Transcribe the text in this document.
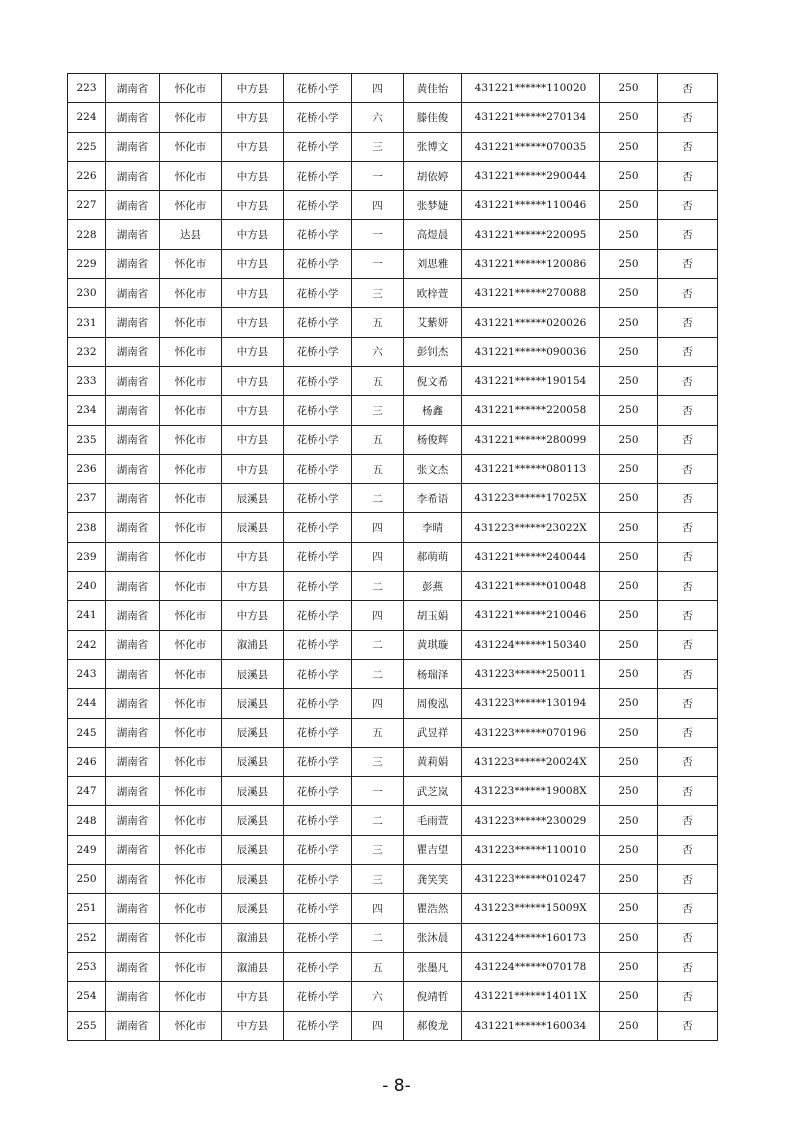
223	湖南省	怀化市	中方县	花桥小学	四	黄佳怡	431221******110020	250	否
224	湖南省	怀化市	中方县	花桥小学	六	滕佳俊	431221******270134	250	否
225	湖南省	怀化市	中方县	花桥小学	三	张博文	431221******070035	250	否
226	湖南省	怀化市	中方县	花桥小学	一	胡依婷	431221******290044	250	否
227	湖南省	怀化市	中方县	花桥小学	四	张梦婕	431221******110046	250	否
228	湖南省	达县	中方县	花桥小学	一	高煜晨	431221******220095	250	否
229	湖南省	怀化市	中方县	花桥小学	一	刘思雅	431221******120086	250	否
230	湖南省	怀化市	中方县	花桥小学	三	欧梓萱	431221******270088	250	否
231	湖南省	怀化市	中方县	花桥小学	五	艾紫妍	431221******020026	250	否
232	湖南省	怀化市	中方县	花桥小学	六	彭钊杰	431221******090036	250	否
233	湖南省	怀化市	中方县	花桥小学	五	倪文希	431221******190154	250	否
234	湖南省	怀化市	中方县	花桥小学	三	杨鑫	431221******220058	250	否
235	湖南省	怀化市	中方县	花桥小学	五	杨俊辉	431221******280099	250	否
236	湖南省	怀化市	中方县	花桥小学	五	张文杰	431221******080113	250	否
237	湖南省	怀化市	辰溪县	花桥小学	二	李希语	431223******17025X	250	否
238	湖南省	怀化市	辰溪县	花桥小学	四	李晴	431223******23022X	250	否
239	湖南省	怀化市	中方县	花桥小学	四	郝萌萌	431221******240044	250	否
240	湖南省	怀化市	中方县	花桥小学	二	彭燕	431221******010048	250	否
241	湖南省	怀化市	中方县	花桥小学	四	胡玉娟	431221******210046	250	否
242	湖南省	怀化市	溆浦县	花桥小学	二	黄琪璇	431224******150340	250	否
243	湖南省	怀化市	辰溪县	花桥小学	二	杨瑞泽	431223******250011	250	否
244	湖南省	怀化市	辰溪县	花桥小学	四	周俊泓	431223******130194	250	否
245	湖南省	怀化市	辰溪县	花桥小学	五	武昱祥	431223******070196	250	否
246	湖南省	怀化市	辰溪县	花桥小学	三	黄莉娟	431223******20024X	250	否
247	湖南省	怀化市	辰溪县	花桥小学	一	武芝岚	431223******19008X	250	否
248	湖南省	怀化市	辰溪县	花桥小学	二	毛雨萱	431223******230029	250	否
249	湖南省	怀化市	辰溪县	花桥小学	三	瞿吉望	431223******110010	250	否
250	湖南省	怀化市	辰溪县	花桥小学	三	龚笑笑	431223******010247	250	否
251	湖南省	怀化市	辰溪县	花桥小学	四	瞿浩然	431223******15009X	250	否
252	湖南省	怀化市	溆浦县	花桥小学	二	张沐晨	431224******160173	250	否
253	湖南省	怀化市	溆浦县	花桥小学	五	张墨凡	431224******070178	250	否
254	湖南省	怀化市	中方县	花桥小学	六	倪靖哲	431221******14011X	250	否
255	湖南省	怀化市	中方县	花桥小学	四	郝俊龙	431221******160034	250	否
- 8-
